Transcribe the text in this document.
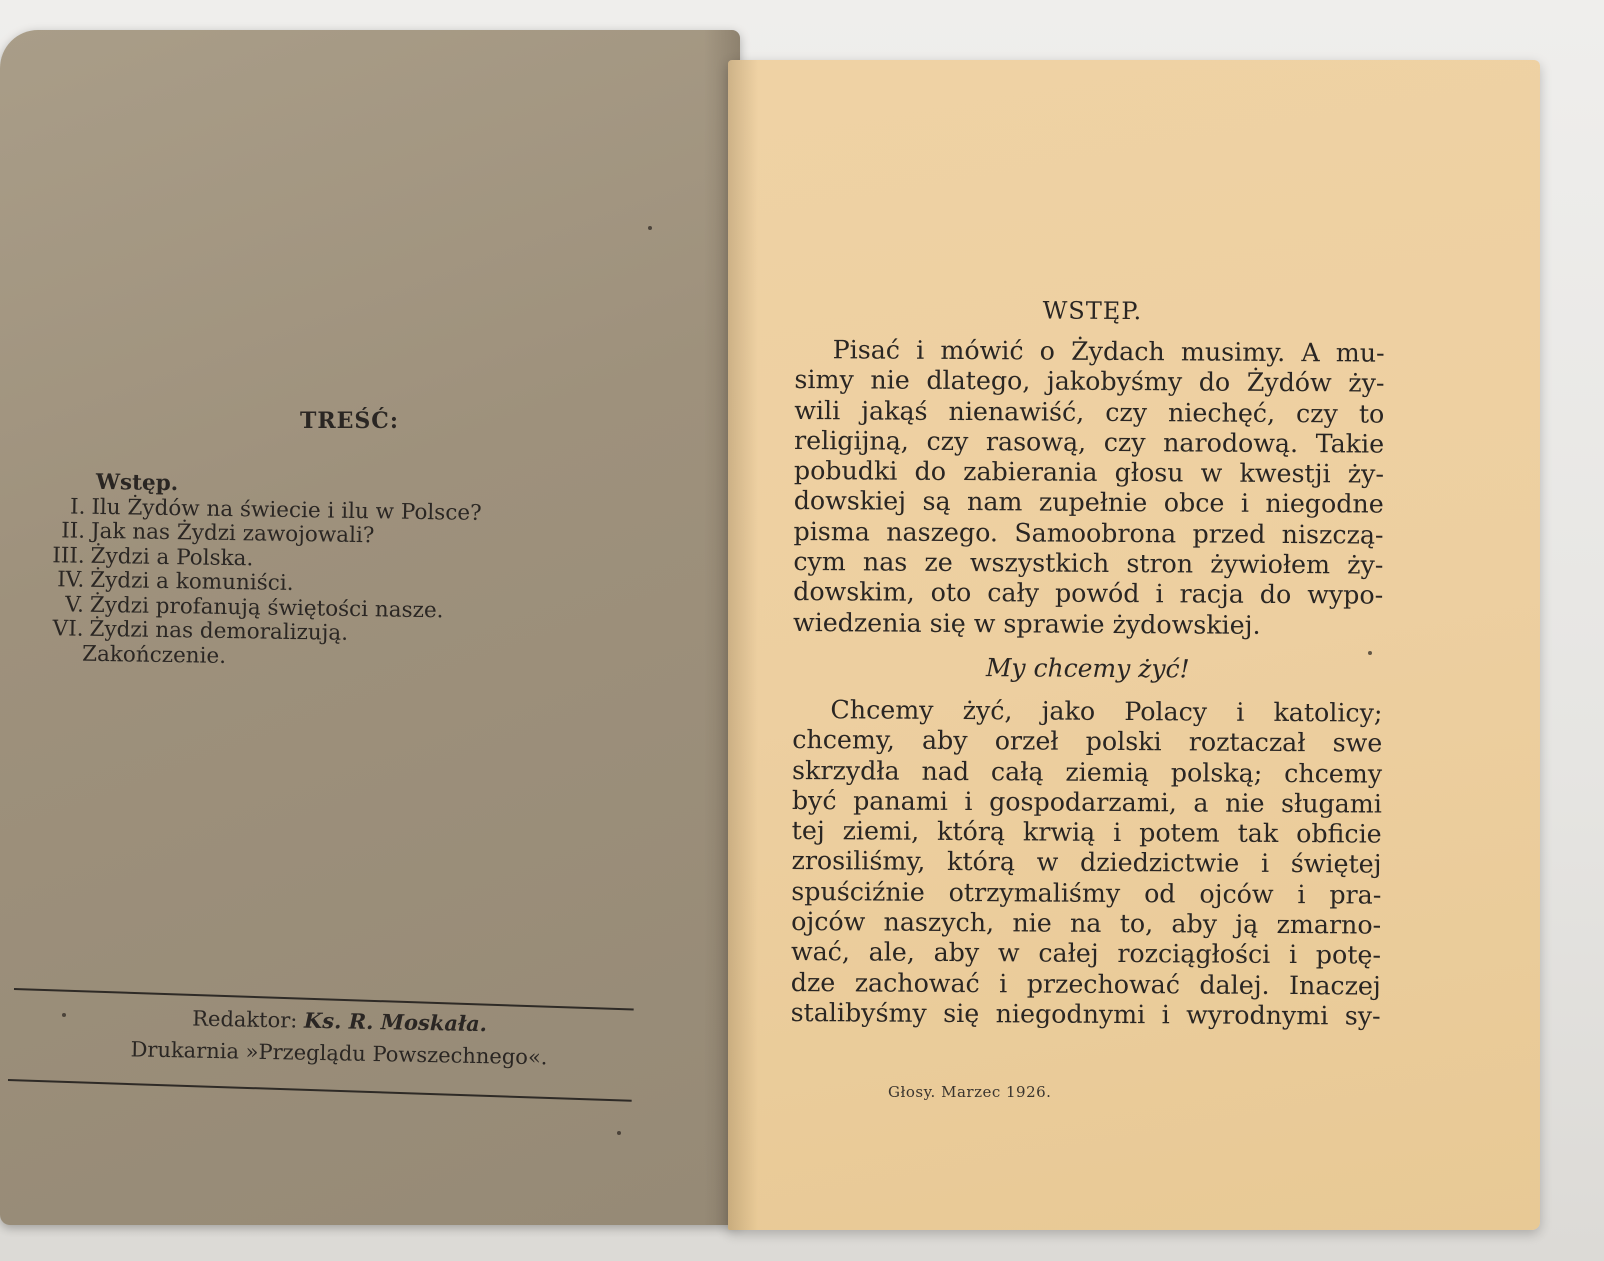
TREŚĆ:
Wstęp.
I. Ilu Żydów na świecie i ilu w Polsce?
II. Jak nas Żydzi zawojowali?
III. Żydzi a Polska.
IV. Żydzi a komuniści.
V. Żydzi profanują świętości nasze.
VI. Żydzi nas demoralizują.
Zakończenie.
Redaktor: Ks. R. Moskała.
Drukarnia »Przeglądu Powszechnego«.
WSTĘP.
Pisać i mówić o Żydach musimy. A mu-
simy nie dlatego, jakobyśmy do Żydów ży-
wili jakąś nienawiść, czy niechęć, czy to
religijną, czy rasową, czy narodową. Takie
pobudki do zabierania głosu w kwestji ży-
dowskiej są nam zupełnie obce i niegodne
pisma naszego. Samoobrona przed niszczą-
cym nas ze wszystkich stron żywiołem ży-
dowskim, oto cały powód i racja do wypo-
wiedzenia się w sprawie żydowskiej.
My chcemy żyć!
Chcemy żyć, jako Polacy i katolicy;
chcemy, aby orzeł polski roztaczał swe
skrzydła nad całą ziemią polską; chcemy
być panami i gospodarzami, a nie sługami
tej ziemi, którą krwią i potem tak obficie
zrosiliśmy, którą w dziedzictwie i świętej
spuściźnie otrzymaliśmy od ojców i pra-
ojców naszych, nie na to, aby ją zmarno-
wać, ale, aby w całej rozciągłości i potę-
dze zachować i przechować dalej. Inaczej
stalibyśmy się niegodnymi i wyrodnymi sy-
Głosy. Marzec 1926.
